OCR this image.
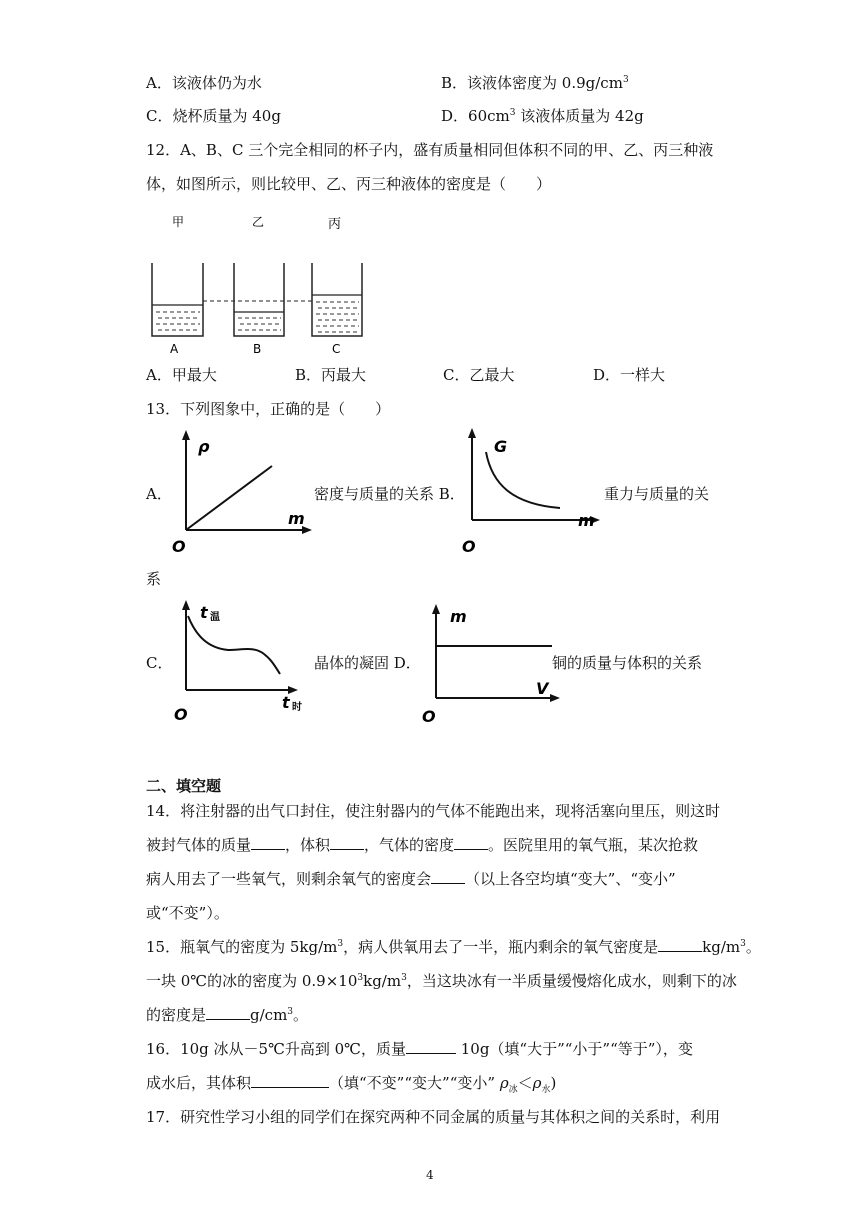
A．该液体仍为水	B．该液体密度为 $0.9g/cm^3$
C．烧杯质量为 40g	D．$60cm^3$ 该液体质量为 42g
12．A、B、C 三个完全相同的杯子内，盛有质量相同但体积不同的甲、乙、丙三种液
体，如图所示，则比较甲、乙、丙三种液体的密度是（　　）
甲	乙	丙
A	B	C
A．甲最大	B．丙最大	C．乙最大	D．一样大
13．下列图象中，正确的是（　　）
A．
ρ
m
O
密度与质量的关系 B．
G
m
O
重力与质量的关
系
C．
t 温
t 时
O
晶体的凝固 D．
m
V
O
铜的质量与体积的关系
二、填空题
14．将注射器的出气口封住，使注射器内的气体不能跑出来，现将活塞向里压，则这时
被封气体的质量 ，体积 ，气体的密度 。医院里用的氧气瓶，某次抢救
病人用去了一些氧气，则剩余氧气的密度会 （以上各空均填“变大”、“变小”
或“不变”）。
15．瓶氧气的密度为 $5kg/m^3$，病人供氧用去了一半，瓶内剩余的氧气密度是	$kg/m^3$。
一块 0℃的冰的密度为 $0.9\times 10^3kg/m^3$，当这块冰有一半质量缓慢熔化成水，则剩下的冰
的密度是	$g/cm^3$。
16．10g 冰从－5℃升高到 0℃，质量	10g（填“大于”“小于”“等于”），变
成水后，其体积	（填“不变”“变大”“变小” $\rho_冰<\rho_水$)
17．研究性学习小组的同学们在探究两种不同金属的质量与其体积之间的关系时，利用
4
